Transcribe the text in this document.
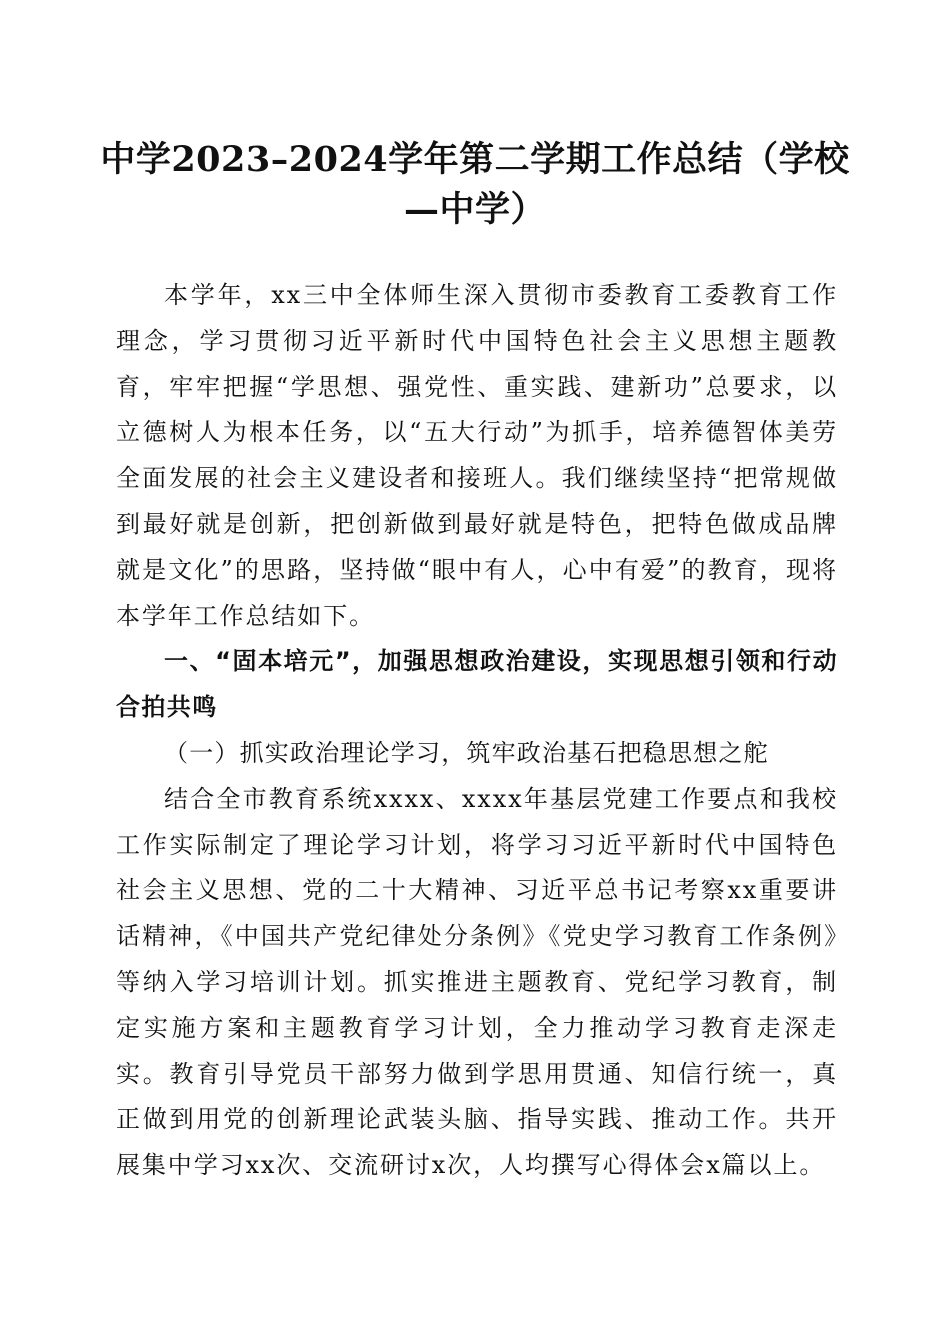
中学2023–2024学年第二学期工作总结（学校—中学）

本学年，xx三中全体师生深入贯彻市委教育工委教育工作理念，学习贯彻习近平新时代中国特色社会主义思想主题教育，牢牢把握“学思想、强党性、重实践、建新功”总要求，以立德树人为根本任务，以“五大行动”为抓手，培养德智体美劳全面发展的社会主义建设者和接班人。我们继续坚持“把常规做到最好就是创新，把创新做到最好就是特色，把特色做成品牌就是文化”的思路，坚持做“眼中有人，心中有爱”的教育，现将本学年工作总结如下。

一、“固本培元”，加强思想政治建设，实现思想引领和行动合拍共鸣

（一）抓实政治理论学习，筑牢政治基石把稳思想之舵

结合全市教育系统xxxx、xxxx年基层党建工作要点和我校工作实际制定了理论学习计划，将学习习近平新时代中国特色社会主义思想、党的二十大精神、习近平总书记考察xx重要讲话精神，《中国共产党纪律处分条例》《党史学习教育工作条例》等纳入学习培训计划。抓实推进主题教育、党纪学习教育，制定实施方案和主题教育学习计划，全力推动学习教育走深走实。教育引导党员干部努力做到学思用贯通、知信行统一，真正做到用党的创新理论武装头脑、指导实践、推动工作。共开展集中学习xx次、交流研讨x次，人均撰写心得体会x篇以上。
